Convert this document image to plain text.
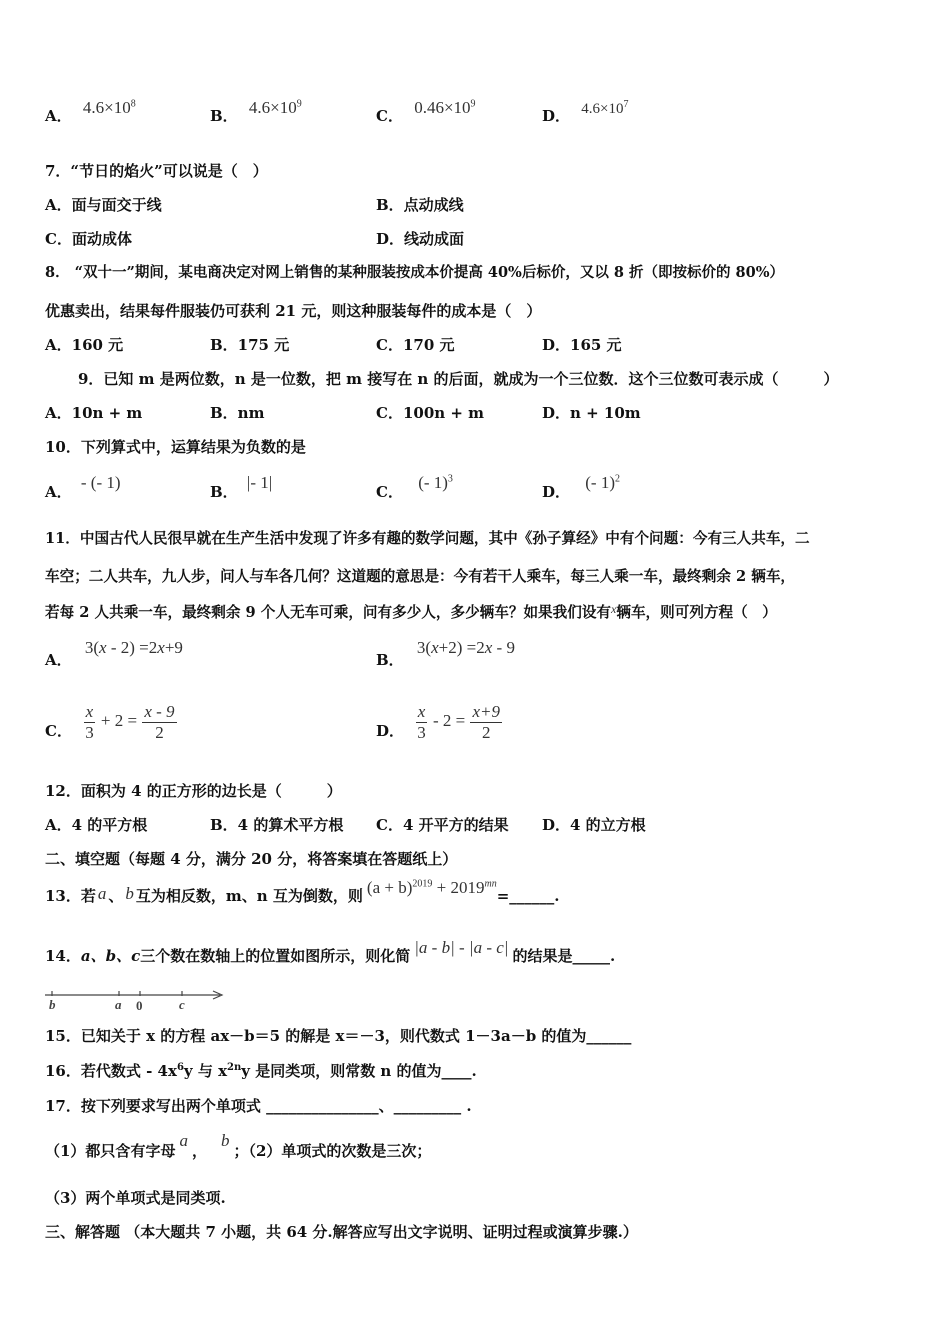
A． $4.6\times 10^8$
B． $4.6\times 10^9$
C． $0.46\times 10^9$
D． $4.6\times 10^7$
7．“节日的焰火”可以说是（　）
A．面与面交于线	B．点动成线
C．面动成体	D．线动成面
8． “双十一”期间，某电商决定对网上销售的某种服装按成本价提高 40%后标价，又以 8 折（即按标价的 80%）
优惠卖出，结果每件服装仍可获利 21 元，则这种服装每件的成本是（　）
A．160 元	B．175 元	C．170 元	D．165 元
9．已知 m 是两位数，n 是一位数，把 m 接写在 n 的后面，就成为一个三位数．这个三位数可表示成（　　　）
A．10n + m	B．nm	C．100n + m	D．n + 10m
10．下列算式中，运算结果为负数的是
A． - (- 1)	B． |- 1|	C． (- 1)$^3$
D． (- 1)$^2$
11．中国古代人民很早就在生产生活中发现了许多有趣的数学问题，其中《孙子算经》中有个问题：今有三人共车，二
车空；二人共车，九人步，问人与车各几何？这道题的意思是：今有若干人乘车，每三人乘一车，最终剩余 2 辆车，
若每 2 人共乘一车，最终剩余 9 个人无车可乘，问有多少人，多少辆车？如果我们设有$^x$辆车，则可列方程（　）
A． 3(x - 2) =2x+9
B． 3(x+2) =2x - 9
C． $\frac{x}{3} + 2 = \frac{x - 9}{2}$	D． $\frac{x}{3} - 2 = \frac{x+9}{2}$
12．面积为 4 的正方形的边长是（　　　）
A．4 的平方根	B．4 的算术平方根 C．4 开平方的结果 D．4 的立方根
二、填空题（每题 4 分，满分 20 分，将答案填在答题纸上）
13．若 a 、 b 互为相反数，m、n 互为倒数，则 $(a + b)^{2019}$ + $2019^{mn}=\_\_\_\_\_\_$.
14．a、b、c三个数在数轴上的位置如图所示，则化简 |a - b| - |a - c| 的结果是_____.
b	a 0	c
15．已知关于 x 的方程 ax－b＝5 的解是 x＝－3，则代数式 1－3a－b 的值为______
16．若代数式 - $4x^6y$ 与 $x^{2n}y$ 是同类项，则常数 n 的值为____.
17．按下列要求写出两个单项式 _______________、_________ .
（1）都只含有字母a，b；（2）单项式的次数是三次；
（3）两个单项式是同类项.
三、解答题 （本大题共 7 小题，共 64 分.解答应写出文字说明、证明过程或演算步骤.）
